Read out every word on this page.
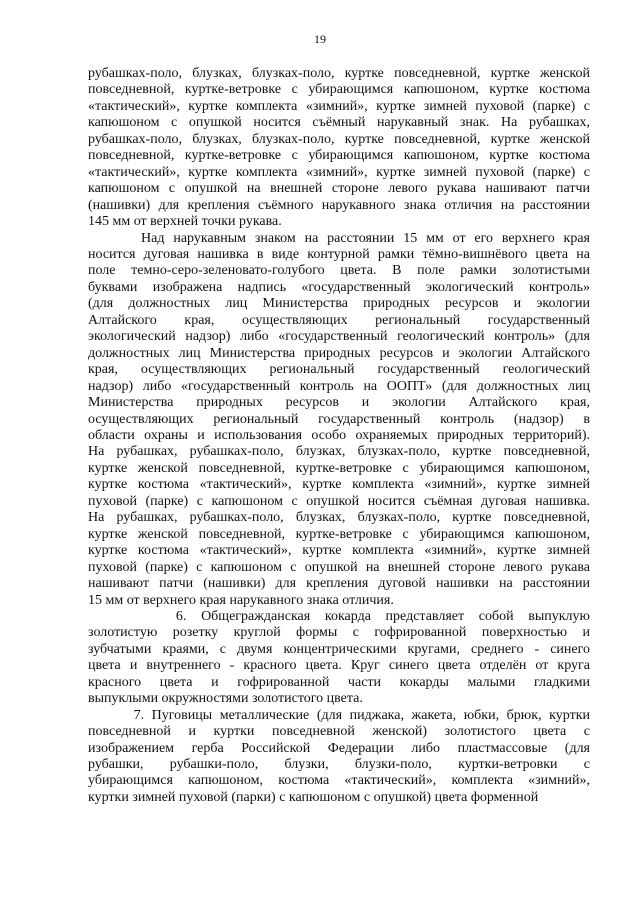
19
рубашках-поло, блузках, блузках-поло, куртке повседневной, куртке женской
повседневной, куртке-ветровке с убирающимся капюшоном, куртке костюма
«тактический», куртке комплекта «зимний», куртке зимней пуховой (парке) с
капюшоном с опушкой носится съёмный нарукавный знак. На рубашках,
рубашках-поло, блузках, блузках-поло, куртке повседневной, куртке женской
повседневной, куртке-ветровке с убирающимся капюшоном, куртке костюма
«тактический», куртке комплекта «зимний», куртке зимней пуховой (парке) с
капюшоном с опушкой на внешней стороне левого рукава нашивают патчи
(нашивки) для крепления съёмного нарукавного знака отличия на расстоянии
145 мм от верхней точки рукава.
Над нарукавным знаком на расстоянии 15 мм от его верхнего края
носится дуговая нашивка в виде контурной рамки тёмно-вишнёвого цвета на
поле темно-серо-зеленовато-голубого цвета. В поле рамки золотистыми
буквами изображена надпись «государственный экологический контроль»
(для должностных лиц Министерства природных ресурсов и экологии
Алтайского края, осуществляющих региональный государственный
экологический надзор) либо «государственный геологический контроль» (для
должностных лиц Министерства природных ресурсов и экологии Алтайского
края, осуществляющих региональный государственный геологический
надзор) либо «государственный контроль на ООПТ» (для должностных лиц
Министерства природных ресурсов и экологии Алтайского края,
осуществляющих региональный государственный контроль (надзор) в
области охраны и использования особо охраняемых природных территорий).
На рубашках, рубашках-поло, блузках, блузках-поло, куртке повседневной,
куртке женской повседневной, куртке-ветровке с убирающимся капюшоном,
куртке костюма «тактический», куртке комплекта «зимний», куртке зимней
пуховой (парке) с капюшоном с опушкой носится съёмная дуговая нашивка.
На рубашках, рубашках-поло, блузках, блузках-поло, куртке повседневной,
куртке женской повседневной, куртке-ветровке с убирающимся капюшоном,
куртке костюма «тактический», куртке комплекта «зимний», куртке зимней
пуховой (парке) с капюшоном с опушкой на внешней стороне левого рукава
нашивают патчи (нашивки) для крепления дуговой нашивки на расстоянии
15 мм от верхнего края нарукавного знака отличия.
6. Общегражданская кокарда представляет собой выпуклую
золотистую розетку круглой формы с гофрированной поверхностью и
зубчатыми краями, с двумя концентрическими кругами, среднего - синего
цвета и внутреннего - красного цвета. Круг синего цвета отделён от круга
красного цвета и гофрированной части кокарды малыми гладкими
выпуклыми окружностями золотистого цвета.
7. Пуговицы металлические (для пиджака, жакета, юбки, брюк, куртки
повседневной и куртки повседневной женской) золотистого цвета с
изображением герба Российской Федерации либо пластмассовые (для
рубашки, рубашки-поло, блузки, блузки-поло, куртки-ветровки с
убирающимся капюшоном, костюма «тактический», комплекта «зимний»,
куртки зимней пуховой (парки) с капюшоном с опушкой) цвета форменной
